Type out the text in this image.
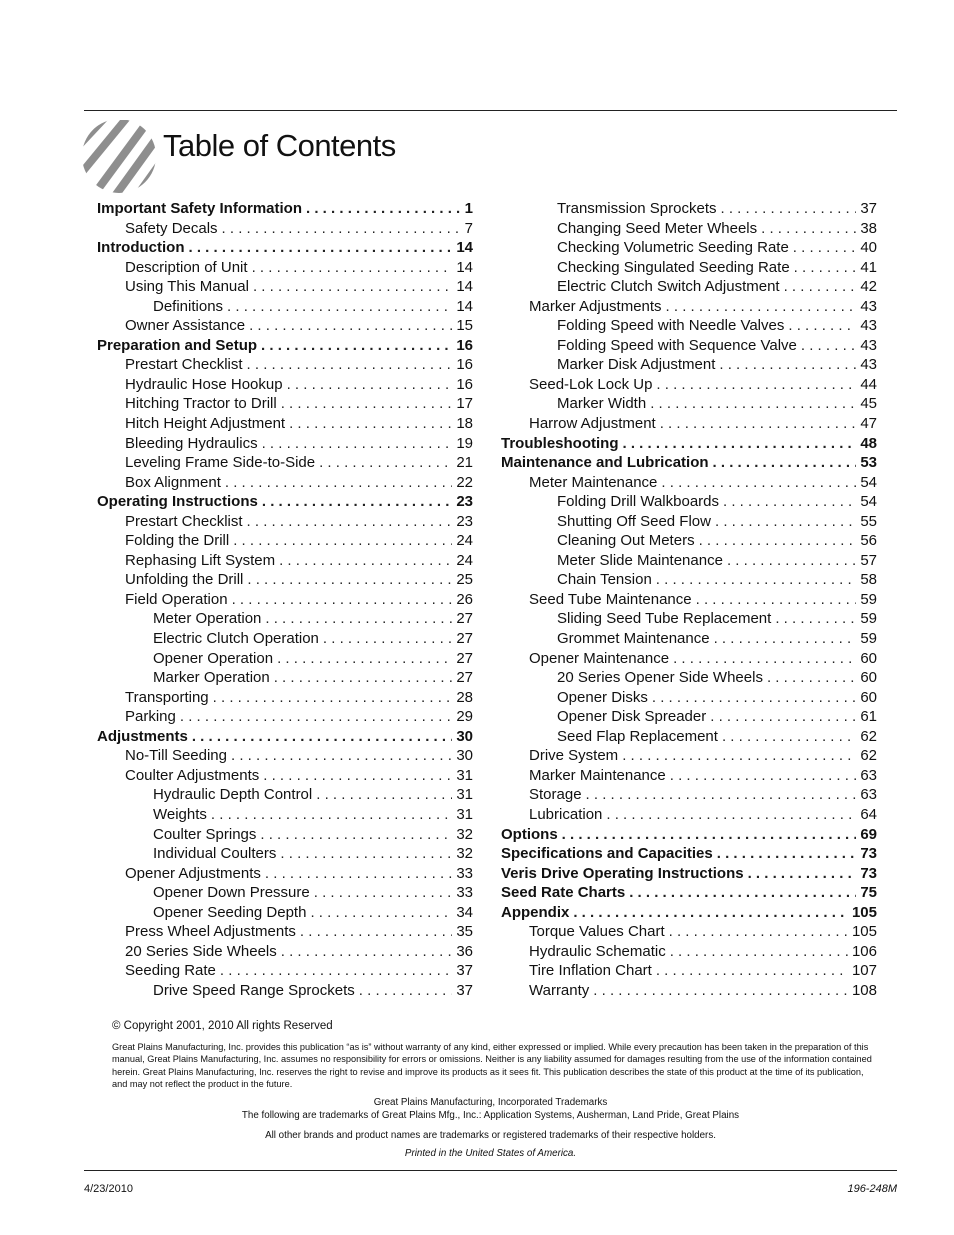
Table of Contents
Important Safety Information . . .	1
Safety Decals . . .	7
Introduction . . .	14
Description of Unit . . .	14
Using This Manual . . .	14
Definitions . . .	14
Owner Assistance . . .	15
Preparation and Setup . . .	16
Prestart Checklist . . .	16
Hydraulic Hose Hookup . . .	16
Hitching Tractor to Drill . . .	17
Hitch Height Adjustment . . .	18
Bleeding Hydraulics . . .	19
Leveling Frame Side-to-Side . . .	21
Box Alignment . . .	22
Operating Instructions . . .	23
Prestart Checklist . . .	23
Folding the Drill . . .	24
Rephasing Lift System . . .	24
Unfolding the Drill . . .	25
Field Operation . . .	26
Meter Operation . . .	27
Electric Clutch Operation . . .	27
Opener Operation . . .	27
Marker Operation . . .	27
Transporting . . .	28
Parking . . .	29
Adjustments . . .	30
No-Till Seeding . . .	30
Coulter Adjustments . . .	31
Hydraulic Depth Control . . .	31
Weights . . .	31
Coulter Springs . . .	32
Individual Coulters . . .	32
Opener Adjustments . . .	33
Opener Down Pressure . . .	33
Opener Seeding Depth . . .	34
Press Wheel Adjustments . . .	35
20 Series Side Wheels . . .	36
Seeding Rate . . .	37
Drive Speed Range Sprockets . . .	37
Transmission Sprockets . . .	37
Changing Seed Meter Wheels . . .	38
Checking Volumetric Seeding Rate . . .	40
Checking Singulated Seeding Rate . . .	41
Electric Clutch Switch Adjustment . . .	42
Marker Adjustments . . .	43
Folding Speed with Needle Valves . . .	43
Folding Speed with Sequence Valve . . .	43
Marker Disk Adjustment . . .	43
Seed-Lok Lock Up . . .	44
Marker Width . . .	45
Harrow Adjustment . . .	47
Troubleshooting . . .	48
Maintenance and Lubrication . . .	53
Meter Maintenance . . .	54
Folding Drill Walkboards . . .	54
Shutting Off Seed Flow . . .	55
Cleaning Out Meters . . .	56
Meter Slide Maintenance . . .	57
Chain Tension . . .	58
Seed Tube Maintenance . . .	59
Sliding Seed Tube Replacement . . .	59
Grommet Maintenance . . .	59
Opener Maintenance . . .	60
20 Series Opener Side Wheels . . .	60
Opener Disks . . .	60
Opener Disk Spreader . . .	61
Seed Flap Replacement . . .	62
Drive System . . .	62
Marker Maintenance . . .	63
Storage . . .	63
Lubrication . . .	64
Options . . .	69
Specifications and Capacities . . .	73
Veris Drive Operating Instructions . . .	73
Seed Rate Charts . . .	75
Appendix . . .	105
Torque Values Chart . . .	105
Hydraulic Schematic . . .	106
Tire Inflation Chart . . .	107
Warranty . . .	108
© Copyright 2001, 2010 All rights Reserved
Great Plains Manufacturing, Inc. provides this publication “as is” without warranty of any kind, either expressed or implied. While every precaution has been taken in the preparation of this manual, Great Plains Manufacturing, Inc. assumes no responsibility for errors or omissions. Neither is any liability assumed for damages resulting from the use of the information contained herein. Great Plains Manufacturing, Inc. reserves the right to revise and improve its products as it sees fit. This publication describes the state of this product at the time of its publication, and may not reflect the product in the future.
Great Plains Manufacturing, Incorporated Trademarks
The following are trademarks of Great Plains Mfg., Inc.: Application Systems, Ausherman, Land Pride, Great Plains
All other brands and product names are trademarks or registered trademarks of their respective holders.
Printed in the United States of America.
4/23/2010	196-248M
